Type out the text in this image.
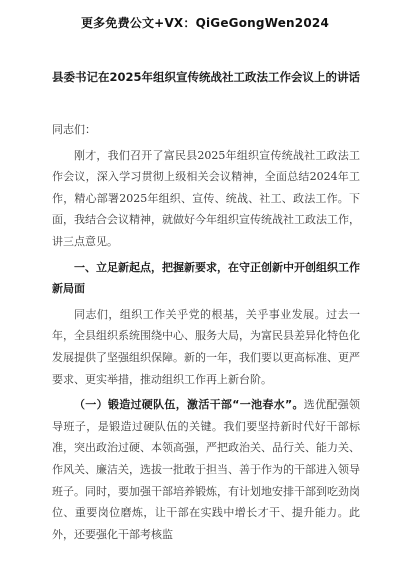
更多免费公文+VX：QiGeGongWen2024
县委书记在2025年组织宣传统战社工政法工作会议上的讲话

同志们：

刚才，我们召开了富民县2025年组织宣传统战社工政法工作会议，深入学习贯彻上级相关会议精神，全面总结2024年工作，精心部署2025年组织、宣传、统战、社工、政法工作。下面，我结合会议精神，就做好今年组织宣传统战社工政法工作，讲三点意见。

一、立足新起点，把握新要求，在守正创新中开创组织工作新局面

同志们，组织工作关乎党的根基，关乎事业发展。过去一年，全县组织系统围绕中心、服务大局，为富民县差异化特色化发展提供了坚强组织保障。新的一年，我们要以更高标准、更严要求、更实举措，推动组织工作再上新台阶。

（一）锻造过硬队伍，激活干部“一池春水”。选优配强领导班子，是锻造过硬队伍的关键。我们要坚持新时代好干部标准，突出政治过硬、本领高强，严把政治关、品行关、能力关、作风关、廉洁关，选拔一批敢于担当、善于作为的干部进入领导班子。同时，要加强干部培养锻炼，有计划地安排干部到吃劲岗位、重要岗位磨炼，让干部在实践中增长才干、提升能力。此外，还要强化干部考核监
